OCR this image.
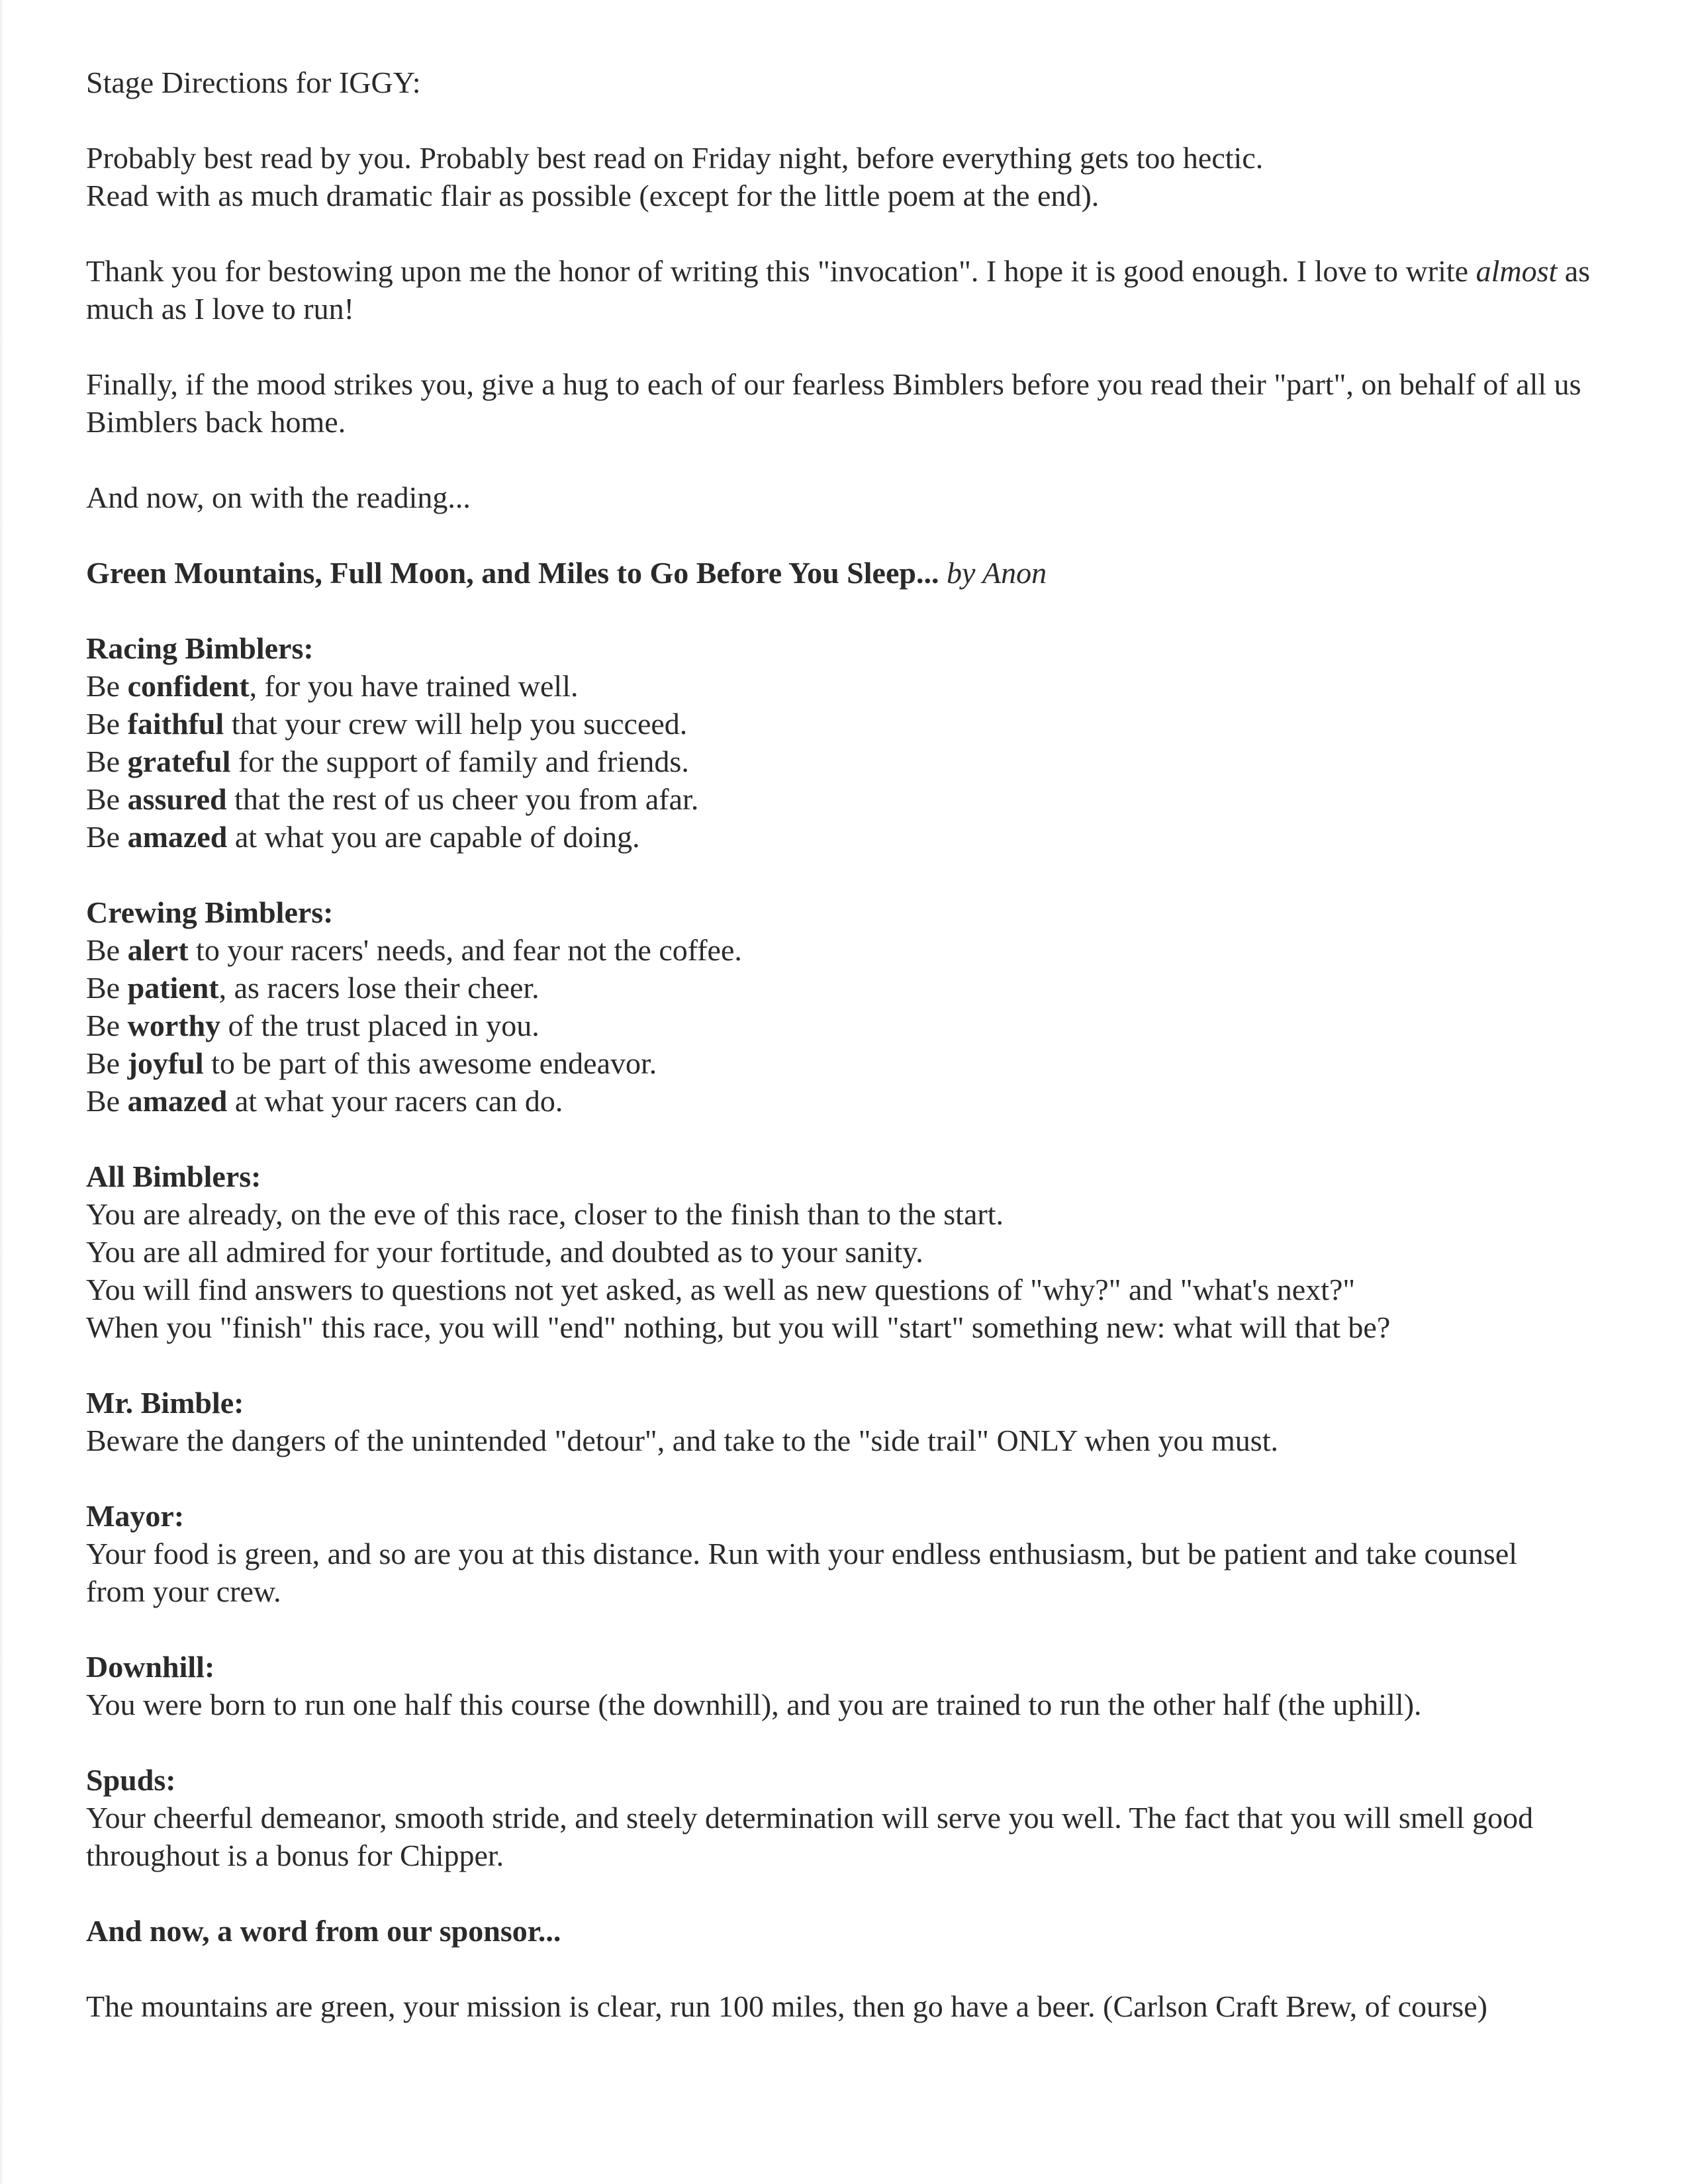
Stage Directions for IGGY:

Probably best read by you. Probably best read on Friday night, before everything gets too hectic.
Read with as much dramatic flair as possible (except for the little poem at the end).

Thank you for bestowing upon me the honor of writing this "invocation". I hope it is good enough. I love to write almost as much as I love to run!

Finally, if the mood strikes you, give a hug to each of our fearless Bimblers before you read their "part", on behalf of all us Bimblers back home.

And now, on with the reading...

Green Mountains, Full Moon, and Miles to Go Before You Sleep... by Anon

Racing Bimblers:
Be confident, for you have trained well.
Be faithful that your crew will help you succeed.
Be grateful for the support of family and friends.
Be assured that the rest of us cheer you from afar.
Be amazed at what you are capable of doing.
Crewing Bimblers:
Be alert to your racers' needs, and fear not the coffee.
Be patient, as racers lose their cheer.
Be worthy of the trust placed in you.
Be joyful to be part of this awesome endeavor.
Be amazed at what your racers can do.
All Bimblers:
You are already, on the eve of this race, closer to the finish than to the start.
You are all admired for your fortitude, and doubted as to your sanity.
You will find answers to questions not yet asked, as well as new questions of "why?" and "what's next?"
When you "finish" this race, you will "end" nothing, but you will "start" something new: what will that be?
Mr. Bimble:
Beware the dangers of the unintended "detour", and take to the "side trail" ONLY when you must.
Mayor:
Your food is green, and so are you at this distance. Run with your endless enthusiasm, but be patient and take counsel from your crew.
Downhill:
You were born to run one half this course (the downhill), and you are trained to run the other half (the uphill).
Spuds:
Your cheerful demeanor, smooth stride, and steely determination will serve you well. The fact that you will smell good throughout is a bonus for Chipper.
And now, a word from our sponsor...
The mountains are green, your mission is clear, run 100 miles, then go have a beer. (Carlson Craft Brew, of course)
